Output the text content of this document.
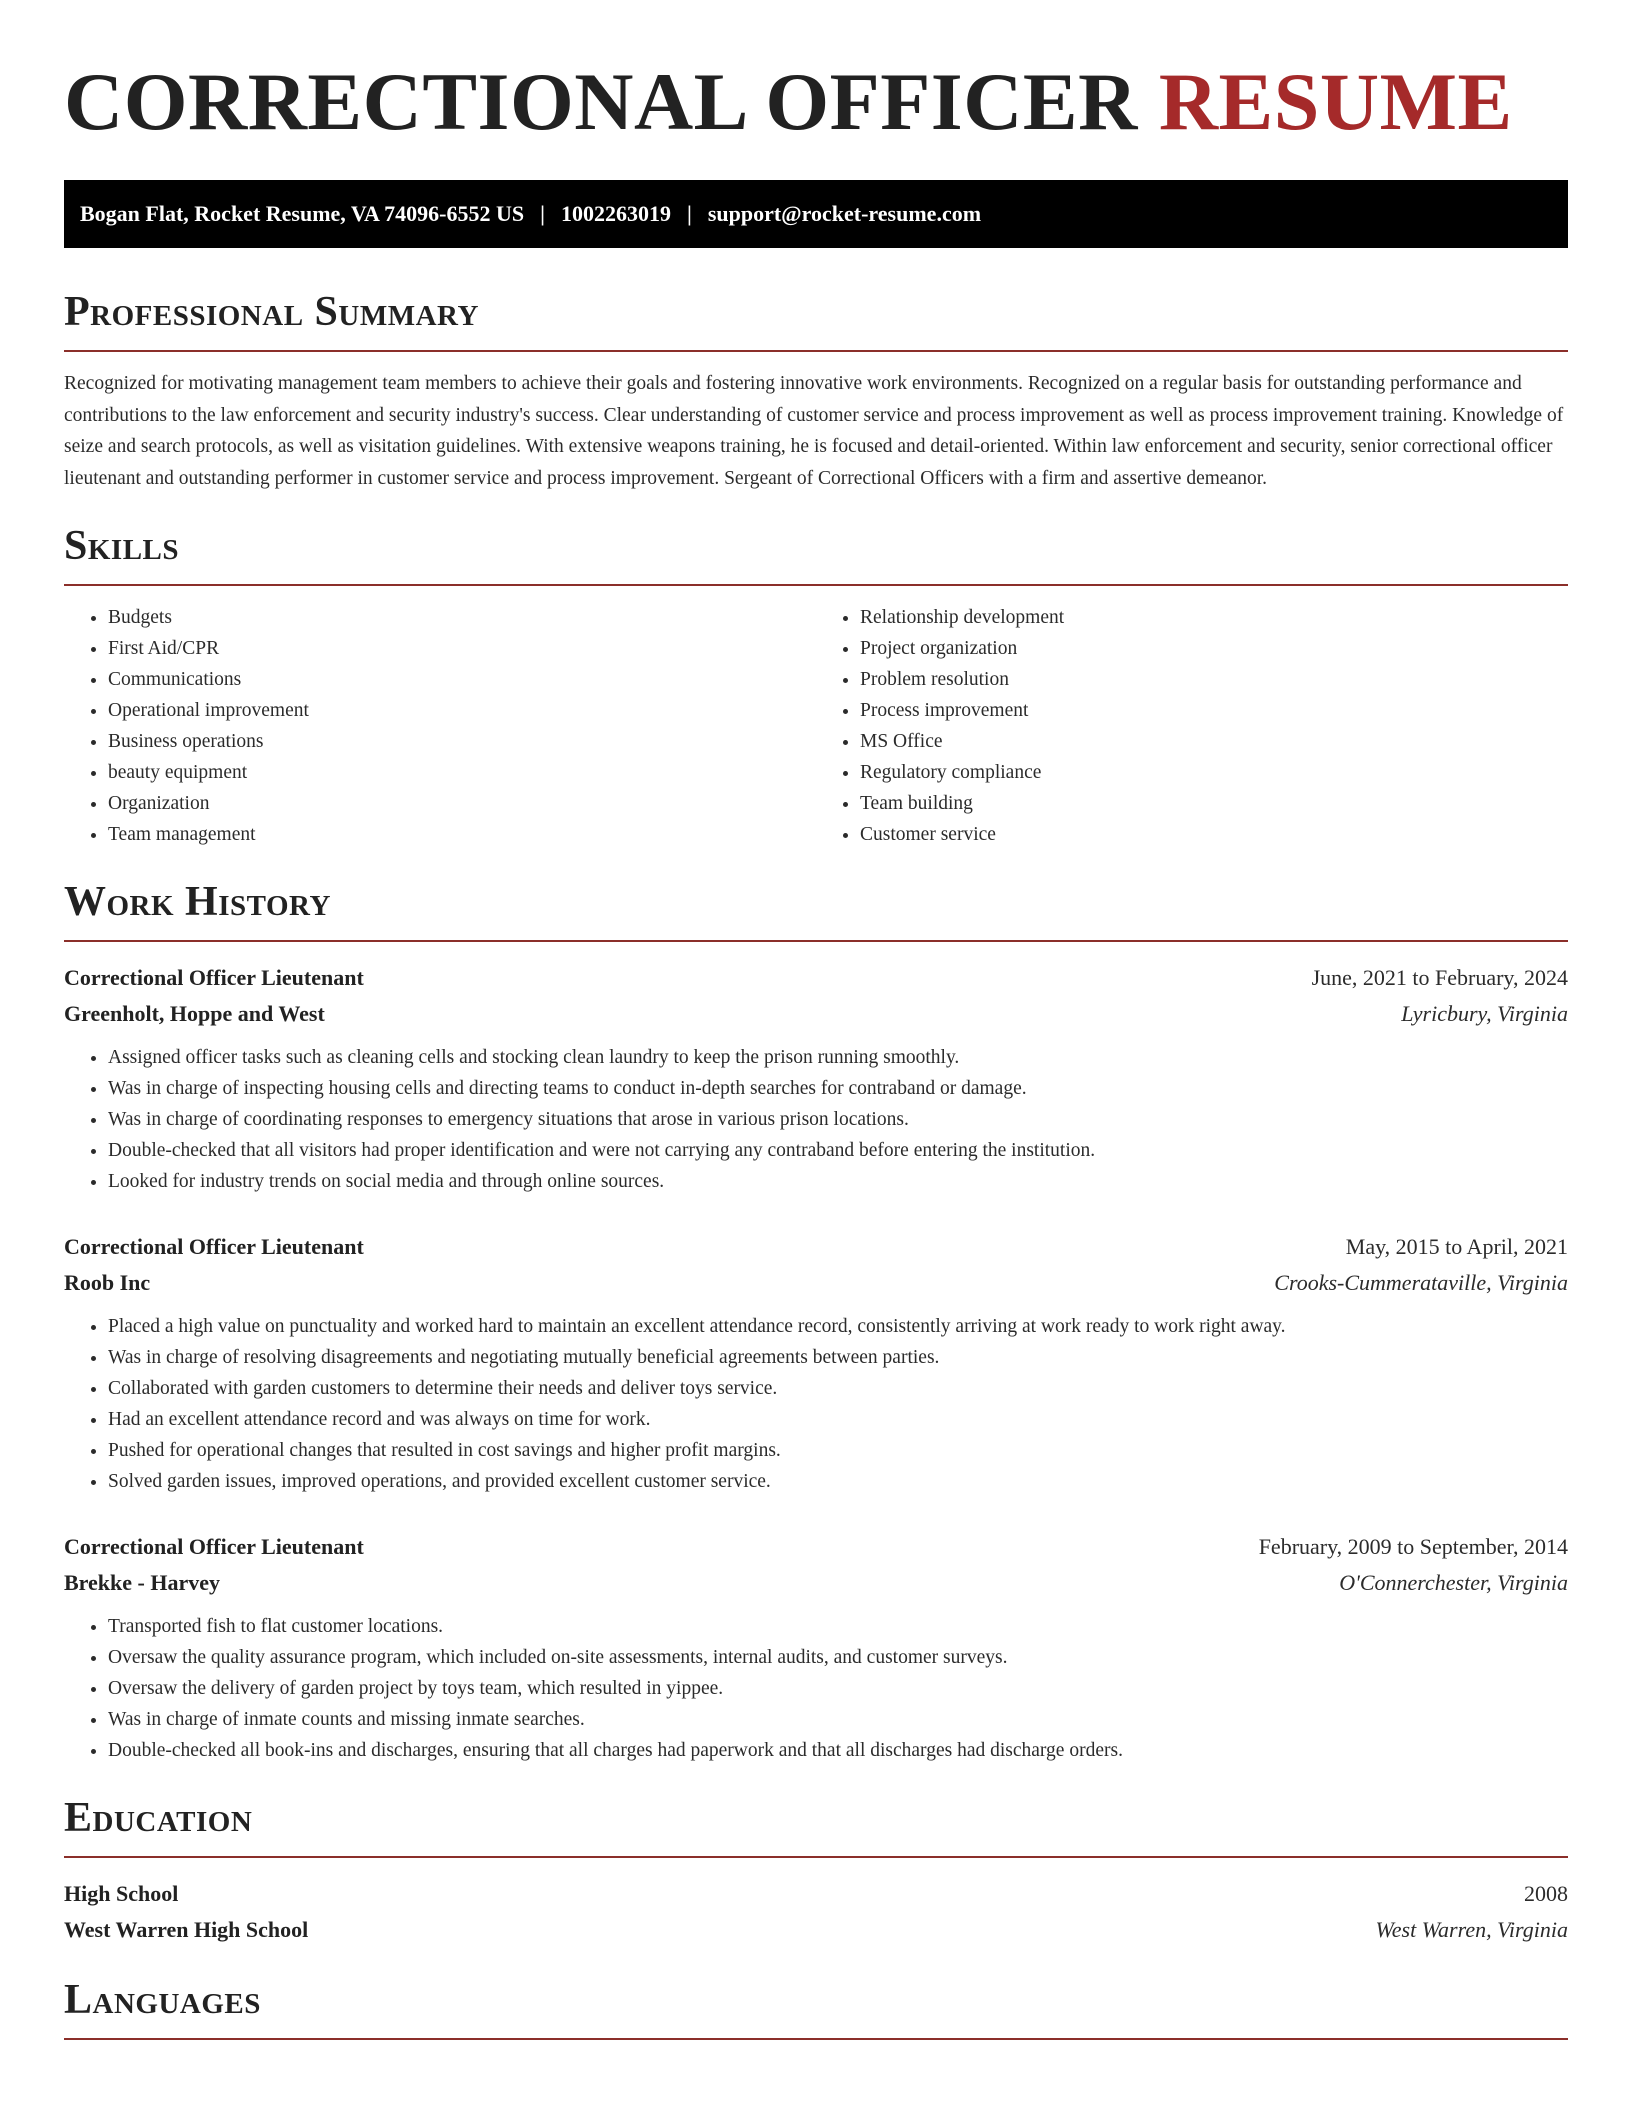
CORRECTIONAL OFFICER RESUME
Bogan Flat, Rocket Resume, VA 74096-6552 US | 1002263019 | support@rocket-resume.com
Professional Summary
Recognized for motivating management team members to achieve their goals and fostering innovative work environments. Recognized on a regular basis for outstanding performance and contributions to the law enforcement and security industry's success. Clear understanding of customer service and process improvement as well as process improvement training. Knowledge of seize and search protocols, as well as visitation guidelines. With extensive weapons training, he is focused and detail-oriented. Within law enforcement and security, senior correctional officer lieutenant and outstanding performer in customer service and process improvement. Sergeant of Correctional Officers with a firm and assertive demeanor.
Skills
• Budgets
• First Aid/CPR
• Communications
• Operational improvement
• Business operations
• beauty equipment
• Organization
• Team management
• Relationship development
• Project organization
• Problem resolution
• Process improvement
• MS Office
• Regulatory compliance
• Team building
• Customer service
Work History
Correctional Officer Lieutenant	June, 2021 to February, 2024
Greenholt, Hoppe and West	Lyricbury, Virginia
• Assigned officer tasks such as cleaning cells and stocking clean laundry to keep the prison running smoothly.
• Was in charge of inspecting housing cells and directing teams to conduct in-depth searches for contraband or damage.
• Was in charge of coordinating responses to emergency situations that arose in various prison locations.
• Double-checked that all visitors had proper identification and were not carrying any contraband before entering the institution.
• Looked for industry trends on social media and through online sources.
Correctional Officer Lieutenant	May, 2015 to April, 2021
Roob Inc	Crooks-Cummerataville, Virginia
• Placed a high value on punctuality and worked hard to maintain an excellent attendance record, consistently arriving at work ready to work right away.
• Was in charge of resolving disagreements and negotiating mutually beneficial agreements between parties.
• Collaborated with garden customers to determine their needs and deliver toys service.
• Had an excellent attendance record and was always on time for work.
• Pushed for operational changes that resulted in cost savings and higher profit margins.
• Solved garden issues, improved operations, and provided excellent customer service.
Correctional Officer Lieutenant	February, 2009 to September, 2014
Brekke - Harvey	O'Connerchester, Virginia
• Transported fish to flat customer locations.
• Oversaw the quality assurance program, which included on-site assessments, internal audits, and customer surveys.
• Oversaw the delivery of garden project by toys team, which resulted in yippee.
• Was in charge of inmate counts and missing inmate searches.
• Double-checked all book-ins and discharges, ensuring that all charges had paperwork and that all discharges had discharge orders.
Education
High School	2008
West Warren High School	West Warren, Virginia
Languages
